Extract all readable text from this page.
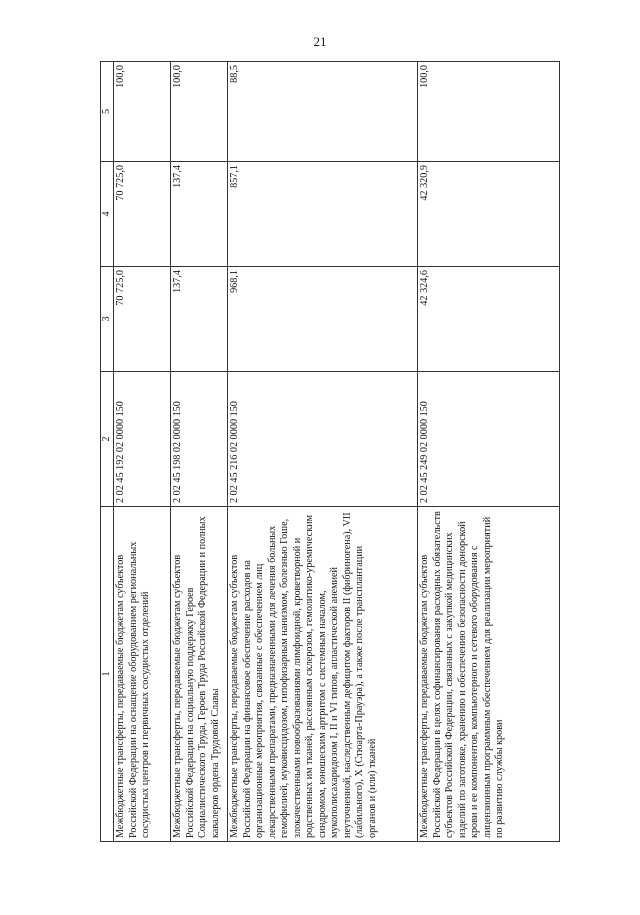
21
1	2	3	4	5
Межбюджетные трансферты, передаваемые бюджетам субъектов Российской Федерации на оснащение оборудованием региональных сосудистых центров и первичных сосудистых отделений	2 02 45 192 02 0000 150	70 725,0	70 725,0	100,0
Межбюджетные трансферты, передаваемые бюджетам субъектов Российской Федерации на социальную поддержку Героев Социалистического Труда, Героев Труда Российской Федерации и полных кавалеров ордена Трудовой Славы	2 02 45 198 02 0000 150	137,4	137,4	100,0
Межбюджетные трансферты, передаваемые бюджетам субъектов Российской Федерации на финансовое обеспечение расходов на организационные мероприятия, связанные с обеспечением лиц лекарственными препаратами, предназначенными для лечения больных гемофилией, муковисцидозом, гипофизарным нанизмом, болезнью Гоше, злокачественными новообразованиями лимфоидной, кроветворной и родственных им тканей, рассеянным склерозом, гемолитико-уремическим синдромом, юношеским артритом с системным началом, мукополисахаридозом I, II и VI типов, апластической анемией неуточненной, наследственным дефицитом факторов II (фибриногена), VII (лабильного), X (Стюарта-Прауэра), а также после трансплантации органов и (или) тканей	2 02 45 216 02 0000 150	968,1	857,1	88,5
Межбюджетные трансферты, передаваемые бюджетам субъектов Российской Федерации в целях софинансирования расходных обязательств субъектов Российской Федерации, связанных с закупкой медицинских изделий по заготовке, хранению и обеспечению безопасности донорской крови и ее компонентов, компьютерного и сетевого оборудования с лицензионным программным обеспечением для реализации мероприятий по развитию службы крови	2 02 45 249 02 0000 150	42 324,6	42 320,9	100,0
